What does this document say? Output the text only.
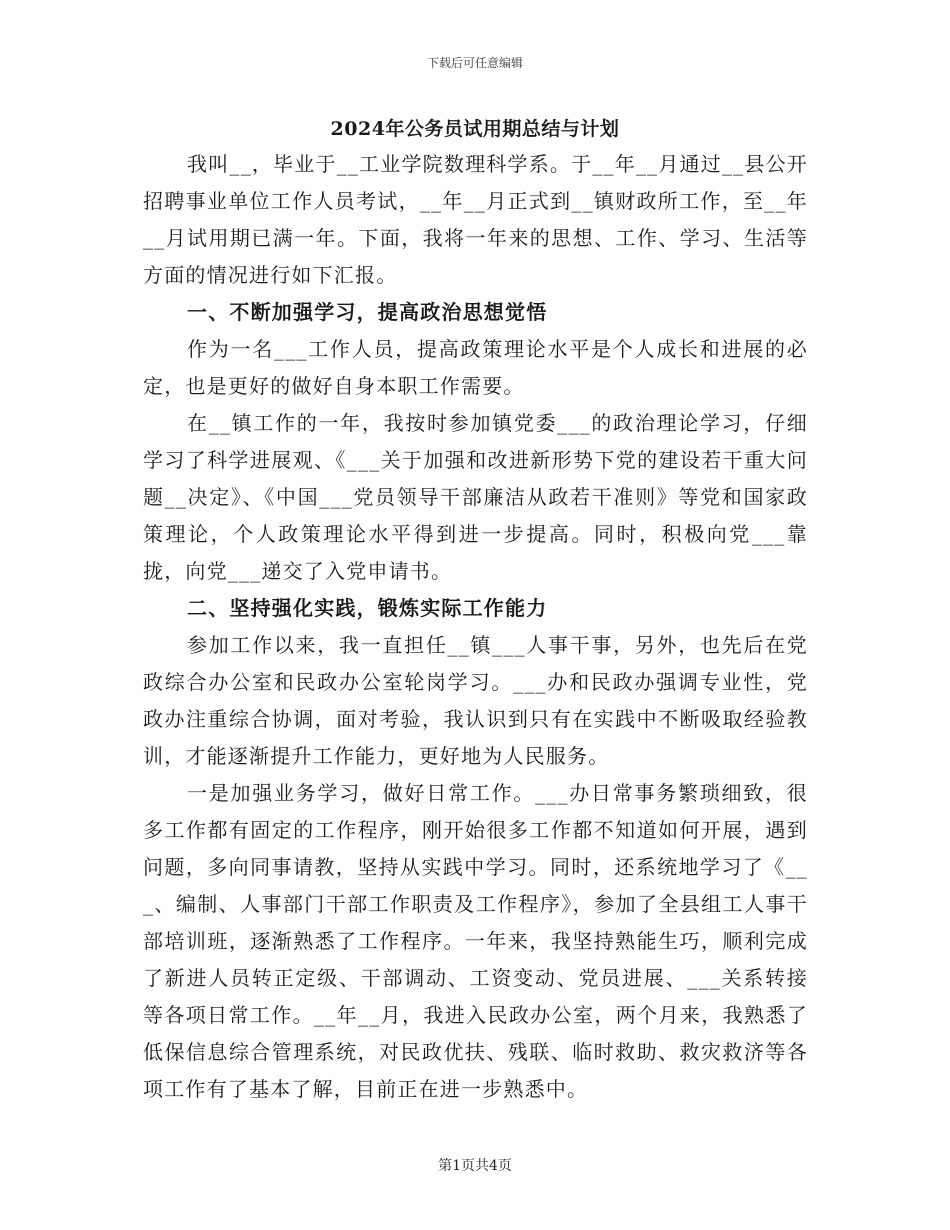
下载后可任意编辑
2024年公务员试用期总结与计划

我叫__，毕业于__工业学院数理科学系。于__年__月通过__县公开招聘事业单位工作人员考试，__年__月正式到__镇财政所工作，至__年__月试用期已满一年。下面，我将一年来的思想、工作、学习、生活等方面的情况进行如下汇报。

一、不断加强学习，提高政治思想觉悟

作为一名___工作人员，提高政策理论水平是个人成长和进展的必定，也是更好的做好自身本职工作需要。

在__镇工作的一年，我按时参加镇党委___的政治理论学习，仔细学习了科学进展观、《___关于加强和改进新形势下党的建设若干重大问题__决定》、《中国___党员领导干部廉洁从政若干准则》等党和国家政策理论，个人政策理论水平得到进一步提高。同时，积极向党___靠拢，向党___递交了入党申请书。

二、坚持强化实践，锻炼实际工作能力

参加工作以来，我一直担任__镇___人事干事，另外，也先后在党政综合办公室和民政办公室轮岗学习。___办和民政办强调专业性，党政办注重综合协调，面对考验，我认识到只有在实践中不断吸取经验教训，才能逐渐提升工作能力，更好地为人民服务。

一是加强业务学习，做好日常工作。___办日常事务繁琐细致，很多工作都有固定的工作程序，刚开始很多工作都不知道如何开展，遇到问题，多向同事请教，坚持从实践中学习。同时，还系统地学习了《___、编制、人事部门干部工作职责及工作程序》，参加了全县组工人事干部培训班，逐渐熟悉了工作程序。一年来，我坚持熟能生巧，顺利完成了新进人员转正定级、干部调动、工资变动、党员进展、___关系转接等各项日常工作。__年__月，我进入民政办公室，两个月来，我熟悉了低保信息综合管理系统，对民政优扶、残联、临时救助、救灾救济等各项工作有了基本了解，目前正在进一步熟悉中。

第1页共4页
